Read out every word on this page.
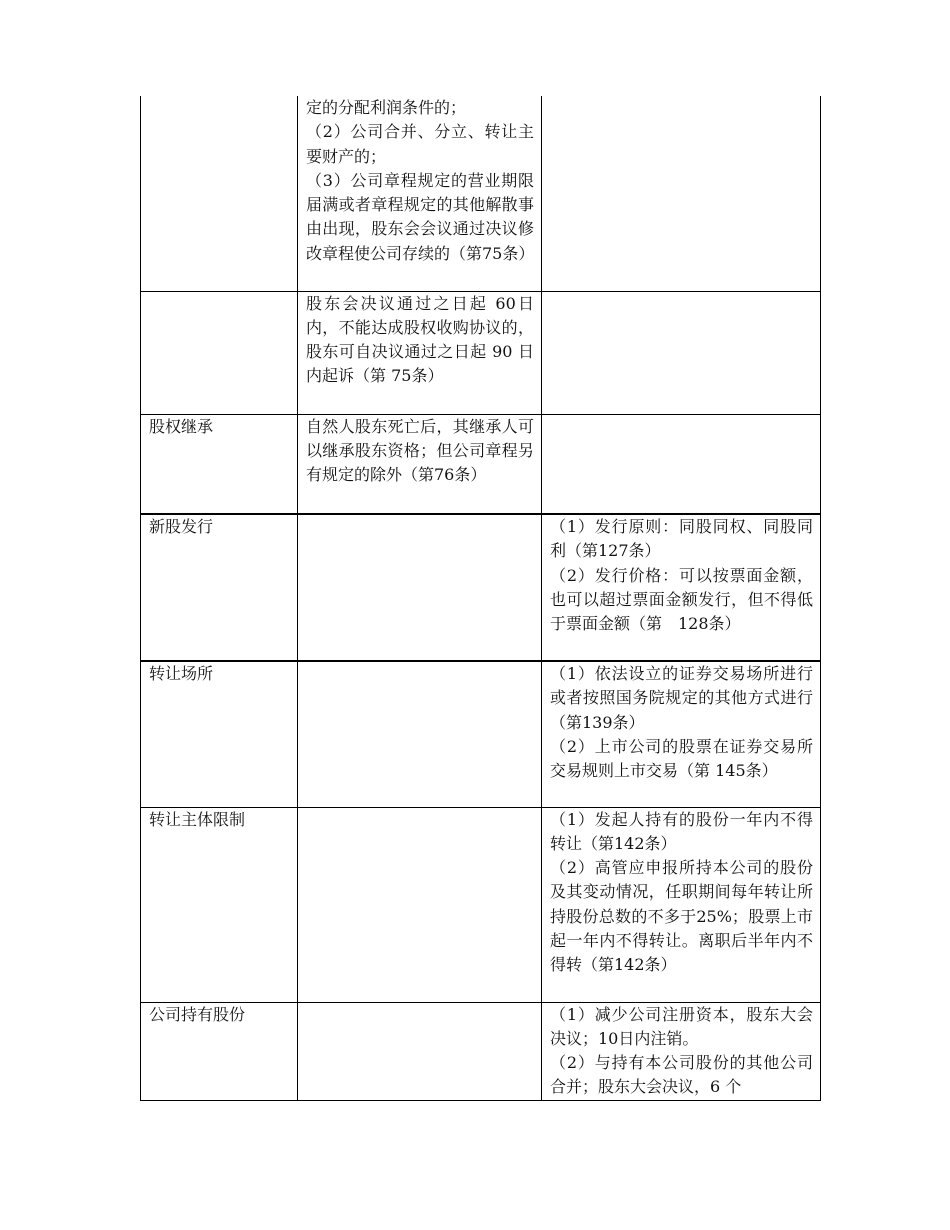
	定的分配利润条件的；
（2）公司合并、分立、转让主要财产的；
（3）公司章程规定的营业期限届满或者章程规定的其他解散事由出现，股东会会议通过决议修改章程使公司存续的（第75条）	

	股东会决议通过之日起 60日内，不能达成股权收购协议的，股东可自决议通过之日起 90 日内起诉（第 75条）	

股权继承	自然人股东死亡后，其继承人可以继承股东资格；但公司章程另有规定的除外（第76条）	

新股发行		（1）发行原则：同股同权、同股同利（第127条）
（2）发行价格：可以按票面金额，也可以超过票面金额发行，但不得低于票面金额（第　128条）

转让场所		（1）依法设立的证券交易场所进行或者按照国务院规定的其他方式进行（第139条）
（2）上市公司的股票在证券交易所交易规则上市交易（第 145条）

转让主体限制		（1）发起人持有的股份一年内不得转让（第142条）
（2）高管应申报所持本公司的股份及其变动情况，任职期间每年转让所持股份总数的不多于25%；股票上市起一年内不得转让。离职后半年内不得转（第142条）

公司持有股份		（1）减少公司注册资本，股东大会决议；10日内注销。
（2）与持有本公司股份的其他公司合并；股东大会决议，6 个
